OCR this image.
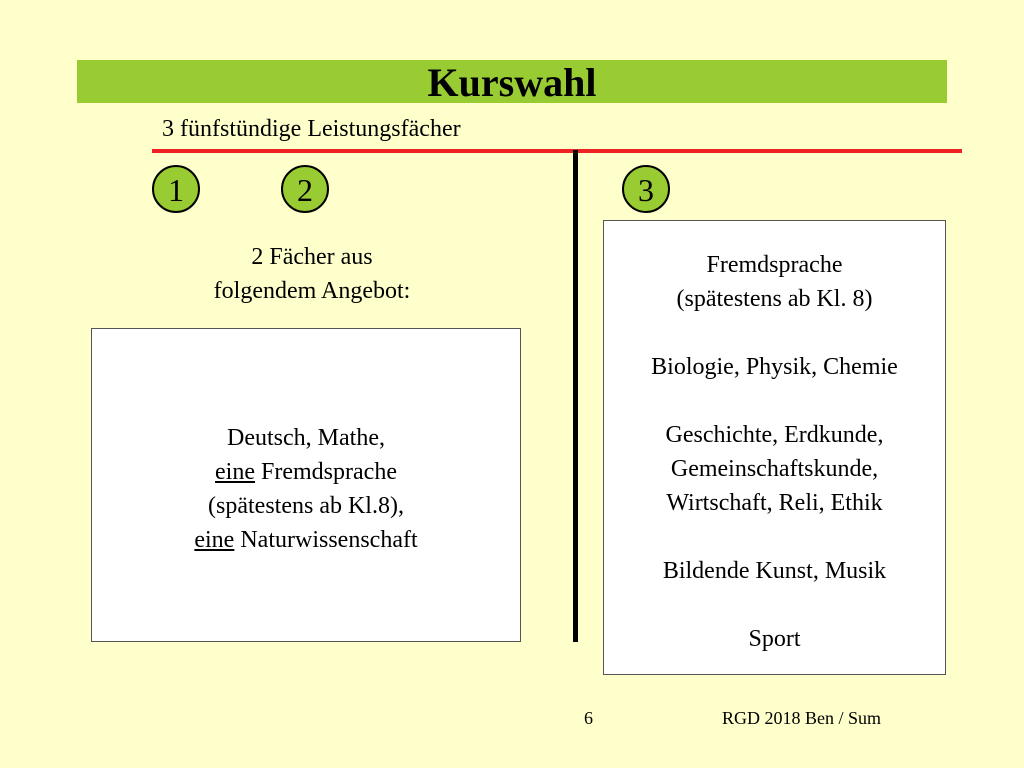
Kurswahl
3 fünfstündige Leistungsfächer
1	2	3
2 Fächer aus
folgendem Angebot:
Deutsch, Mathe,
eine Fremdsprache
(spätestens ab Kl.8),
eine Naturwissenschaft
Fremdsprache
(spätestens ab Kl. 8)
Biologie, Physik, Chemie
Geschichte, Erdkunde,
Gemeinschaftskunde,
Wirtschaft, Reli, Ethik
Bildende Kunst, Musik
Sport
6	RGD 2018 Ben / Sum
